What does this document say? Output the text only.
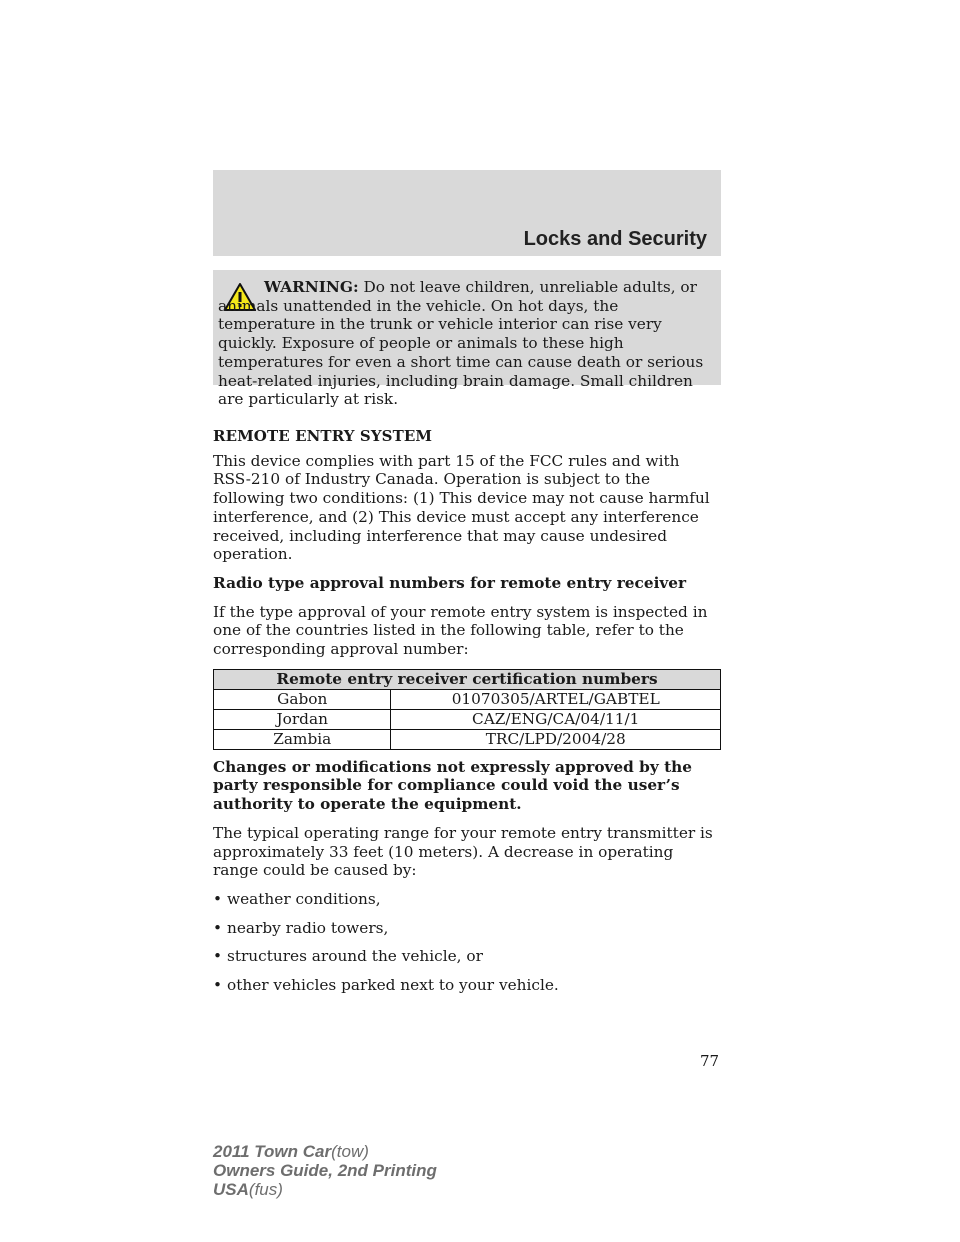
Locks and Security
WARNING: Do not leave children, unreliable adults, or animals unattended in the vehicle. On hot days, the temperature in the trunk or vehicle interior can rise very quickly. Exposure of people or animals to these high temperatures for even a short time can cause death or serious heat-related injuries, including brain damage. Small children are particularly at risk.

REMOTE ENTRY SYSTEM

This device complies with part 15 of the FCC rules and with RSS-210 of Industry Canada. Operation is subject to the following two conditions: (1) This device may not cause harmful interference, and (2) This device must accept any interference received, including interference that may cause undesired operation.

Radio type approval numbers for remote entry receiver

If the type approval of your remote entry system is inspected in one of the countries listed in the following table, refer to the corresponding approval number:

Remote entry receiver certification numbers	
Gabon	01070305/ARTEL/GABTEL
Jordan	CAZ/ENG/CA/04/11/1
Zambia	TRC/LPD/2004/28

Changes or modifications not expressly approved by the party responsible for compliance could void the user’s authority to operate the equipment.

The typical operating range for your remote entry transmitter is approximately 33 feet (10 meters). A decrease in operating range could be caused by:

• weather conditions,
• nearby radio towers,
• structures around the vehicle, or
• other vehicles parked next to your vehicle.
77
2011 Town Car(tow)
Owners Guide, 2nd Printing
USA(fus)
